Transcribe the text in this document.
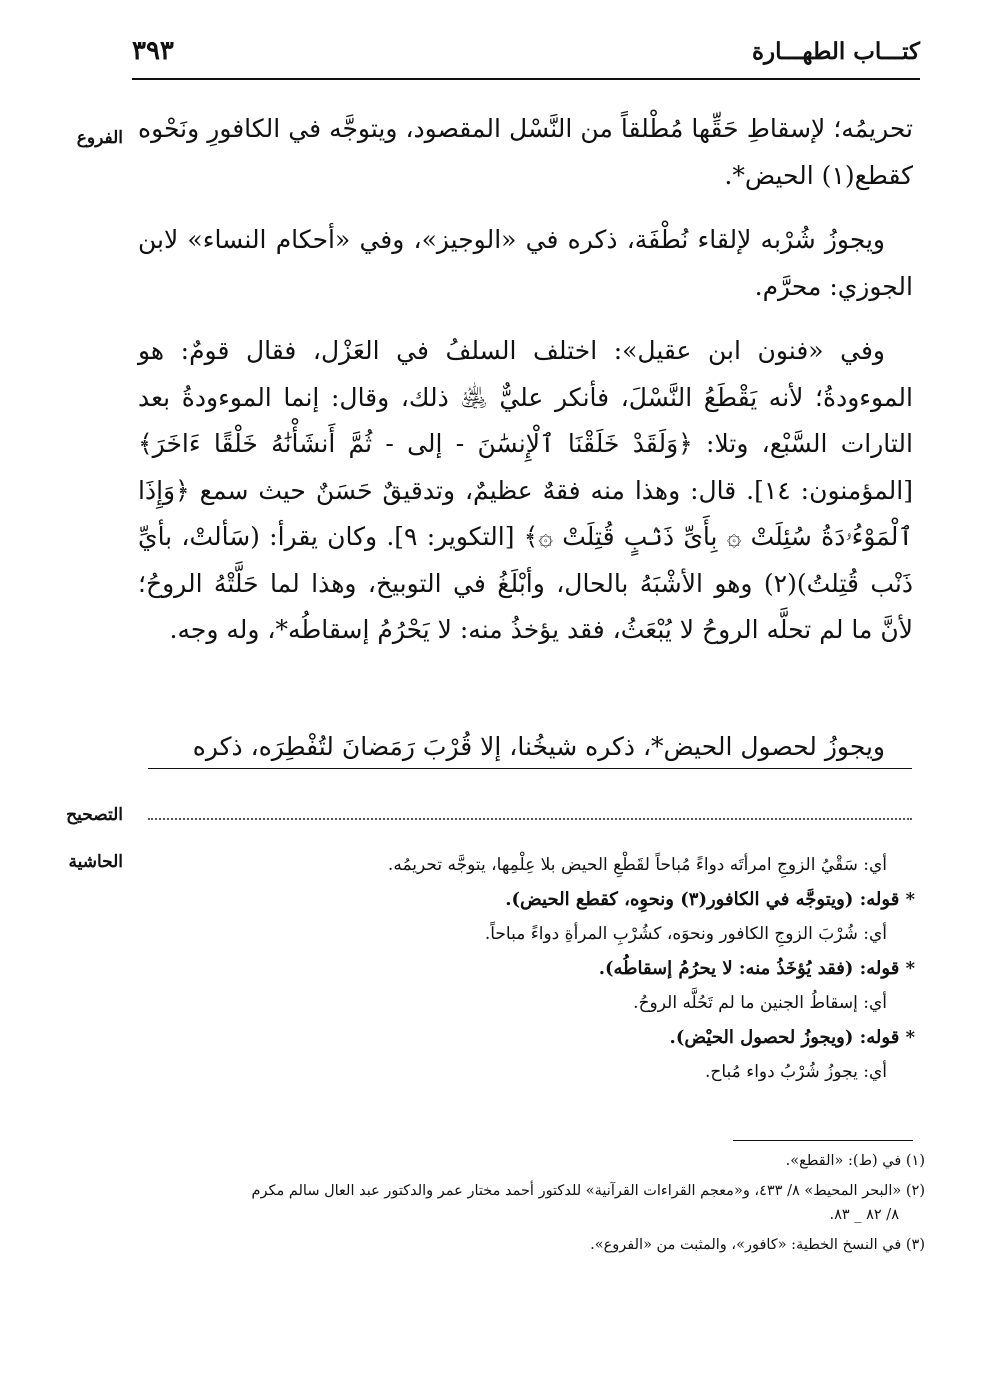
كتـــاب الطهـــارة
٣٩٣
الفروع
التصحيح
الحاشية

تحريمُه؛ لإسقاطِ حَقِّها مُطْلقاً من النَّسْل المقصود، ويتوجَّه في الكافورِ ونَحْوه كقطع(١) الحيض*.

ويجوزُ شُرْبه لإلقاء نُطْفَة، ذكره في «الوجيز»، وفي «أحكام النساء» لابن الجوزي: محرَّم.

وفي «فنون ابن عقيل»: اختلف السلفُ في العَزْل، فقال قومٌ: هو الموءودةُ؛ لأنه يَقْطَعُ النَّسْلَ، فأنكر عليٌّ ﵁ ذلك، وقال: إنما الموءودةُ بعد التارات السَّبْع، وتلا: ﴿وَلَقَدْ خَلَقْنَا ٱلْإِنسَٰنَ - إلى - ثُمَّ أَنشَأْنَٰهُ خَلْقًا ءَاخَرَ﴾ [المؤمنون: ١٤]. قال: وهذا منه فقهٌ عظيمٌ، وتدقيقٌ حَسَنٌ حيث سمع ﴿وَإِذَا ٱلْمَوْءُۥدَةُ سُئِلَتْ ۞ بِأَىِّ ذَنۢبٍ قُتِلَتْ ۞﴾ [التكوير: ٩]. وكان يقرأ: (سَألتْ، بأيِّ ذَنْب قُتِلتُ)(٢) وهو الأشْبَهُ بالحال، وأبْلَغُ في التوبيخ، وهذا لما حَلَّتْهُ الروحُ؛ لأنَّ ما لم تحلَّه الروحُ لا يُبْعَثُ، فقد يؤخذُ منه: لا يَحْرُمُ إسقاطُه*، وله وجه.

ويجوزُ لحصول الحيض*، ذكره شيخُنا، إلا قُرْبَ رَمَضانَ لتُفْطِرَه، ذكره
أي: سَقْيُ الزوجِ امرأتَه دواءً مُباحاً لقَطْعِ الحيض بلا عِلْمِها، يتوجَّه تحريمُه.
* قوله: (ويتوجَّه في الكافور(٣) ونحوِه، كقطع الحيض).
أي: شُرْبَ الزوجِ الكافور ونحوَه، كشُرْبِ المرأةِ دواءً مباحاً.
* قوله: (فقد يُؤخَذُ منه: لا يحرُمُ إسقاطُه).
أي: إسقاطُ الجنين ما لم تَحُلَّه الروحُ.
* قوله: (ويجوزُ لحصول الحيْض).
أي: يجوزُ شُرْبُ دواء مُباح.
(١) في (ط): «القطع».
(٢) «البحر المحيط» ٨/ ٤٣٣، و«معجم القراءات القرآنية» للدكتور أحمد مختار عمر والدكتور عبد العال سالم مكرم
٨/ ٨٢ _ ٨٣.
(٣) في النسخ الخطية: «كافور»، والمثبت من «الفروع».
